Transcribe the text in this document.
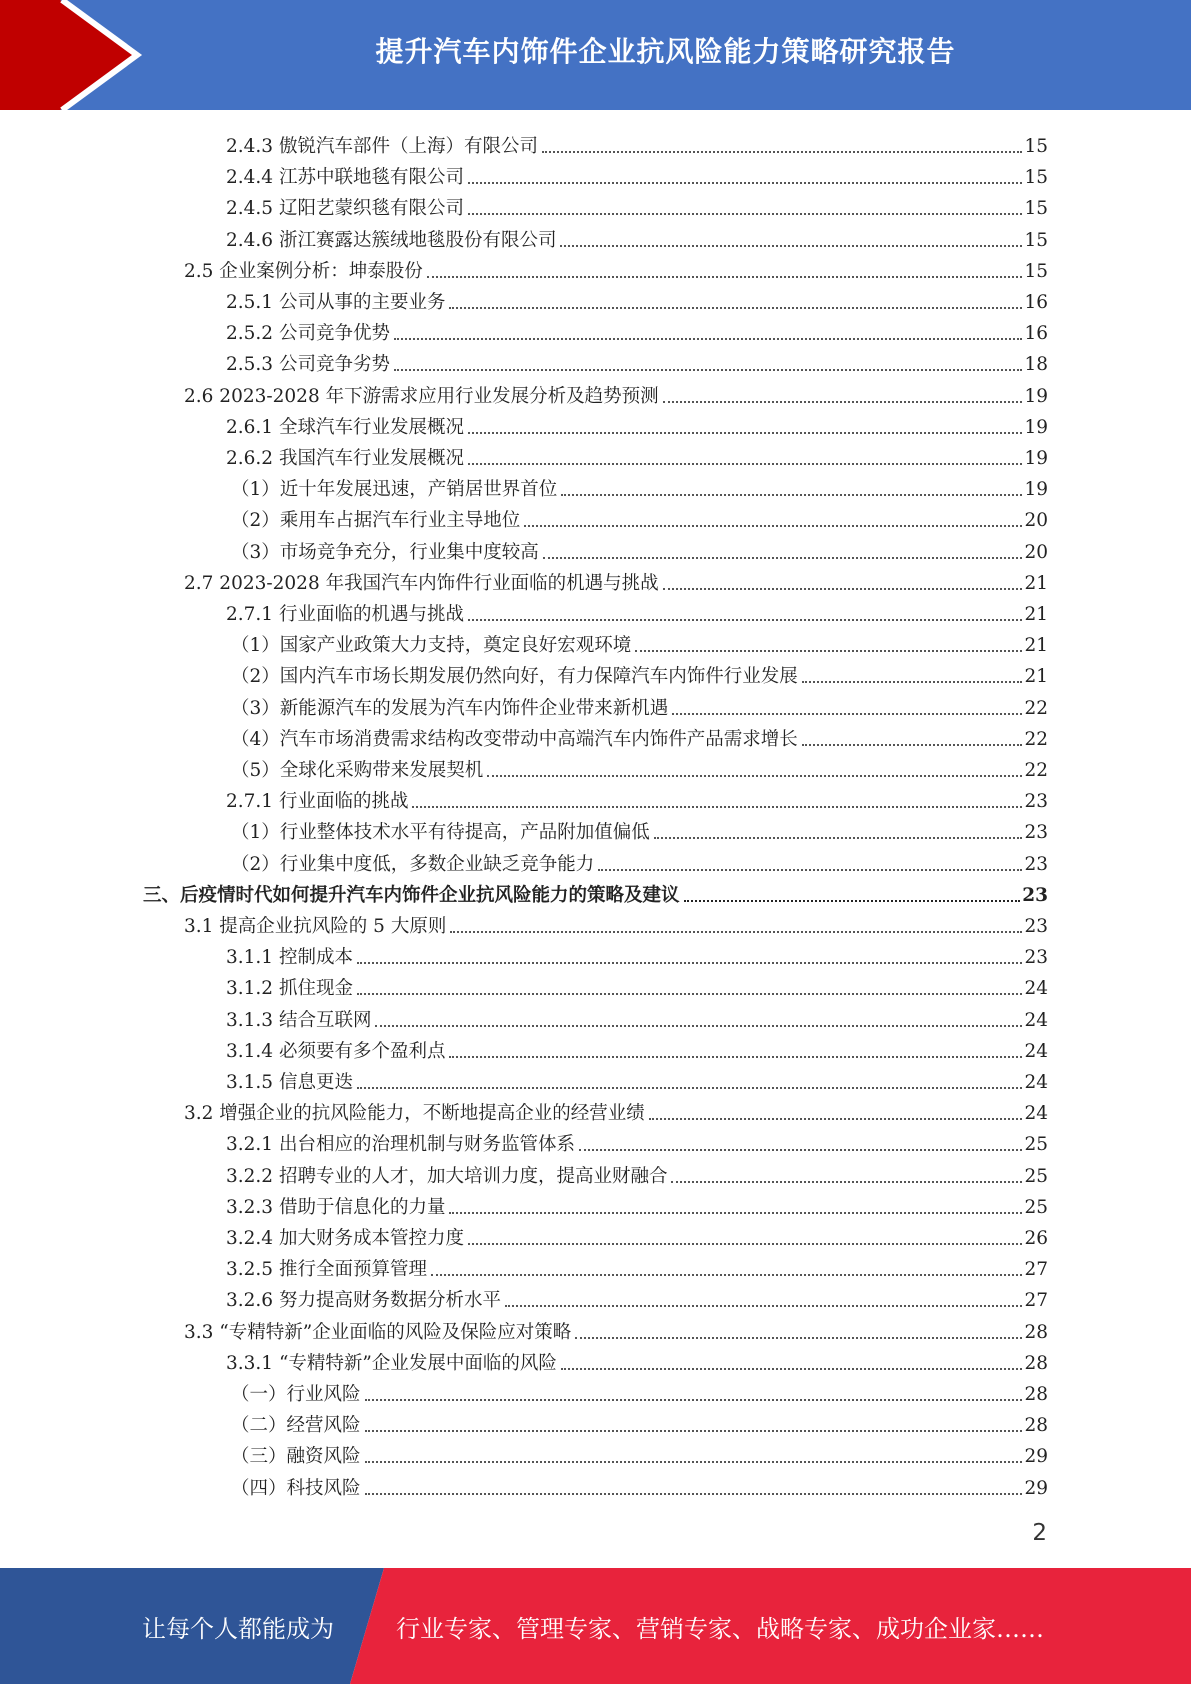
提升汽车内饰件企业抗风险能力策略研究报告
2.4.3 傲锐汽车部件（上海）有限公司	15
2.4.4 江苏中联地毯有限公司	15
2.4.5 辽阳艺蒙织毯有限公司	15
2.4.6 浙江赛露达簇绒地毯股份有限公司	15
2.5 企业案例分析：坤泰股份	15
2.5.1 公司从事的主要业务	16
2.5.2 公司竞争优势	16
2.5.3 公司竞争劣势	18
2.6 2023-2028 年下游需求应用行业发展分析及趋势预测	19
2.6.1 全球汽车行业发展概况	19
2.6.2 我国汽车行业发展概况	19
（1）近十年发展迅速，产销居世界首位	19
（2）乘用车占据汽车行业主导地位	20
（3）市场竞争充分，行业集中度较高	20
2.7 2023-2028 年我国汽车内饰件行业面临的机遇与挑战	21
2.7.1 行业面临的机遇与挑战	21
（1）国家产业政策大力支持，奠定良好宏观环境	21
（2）国内汽车市场长期发展仍然向好，有力保障汽车内饰件行业发展	21
（3）新能源汽车的发展为汽车内饰件企业带来新机遇	22
（4）汽车市场消费需求结构改变带动中高端汽车内饰件产品需求增长	22
（5）全球化采购带来发展契机	22
2.7.1 行业面临的挑战	23
（1）行业整体技术水平有待提高，产品附加值偏低	23
（2）行业集中度低，多数企业缺乏竞争能力	23
三、后疫情时代如何提升汽车内饰件企业抗风险能力的策略及建议	23
3.1 提高企业抗风险的 5 大原则	23
3.1.1 控制成本	23
3.1.2 抓住现金	24
3.1.3 结合互联网	24
3.1.4 必须要有多个盈利点	24
3.1.5 信息更迭	24
3.2 增强企业的抗风险能力，不断地提高企业的经营业绩	24
3.2.1 出台相应的治理机制与财务监管体系	25
3.2.2 招聘专业的人才，加大培训力度，提高业财融合	25
3.2.3 借助于信息化的力量	25
3.2.4 加大财务成本管控力度	26
3.2.5 推行全面预算管理	27
3.2.6 努力提高财务数据分析水平	27
3.3 “专精特新”企业面临的风险及保险应对策略	28
3.3.1 “专精特新”企业发展中面临的风险	28
（一）行业风险	28
（二）经营风险	28
（三）融资风险	29
（四）科技风险	29
2
让每个人都能成为	行业专家、管理专家、营销专家、战略专家、成功企业家……
